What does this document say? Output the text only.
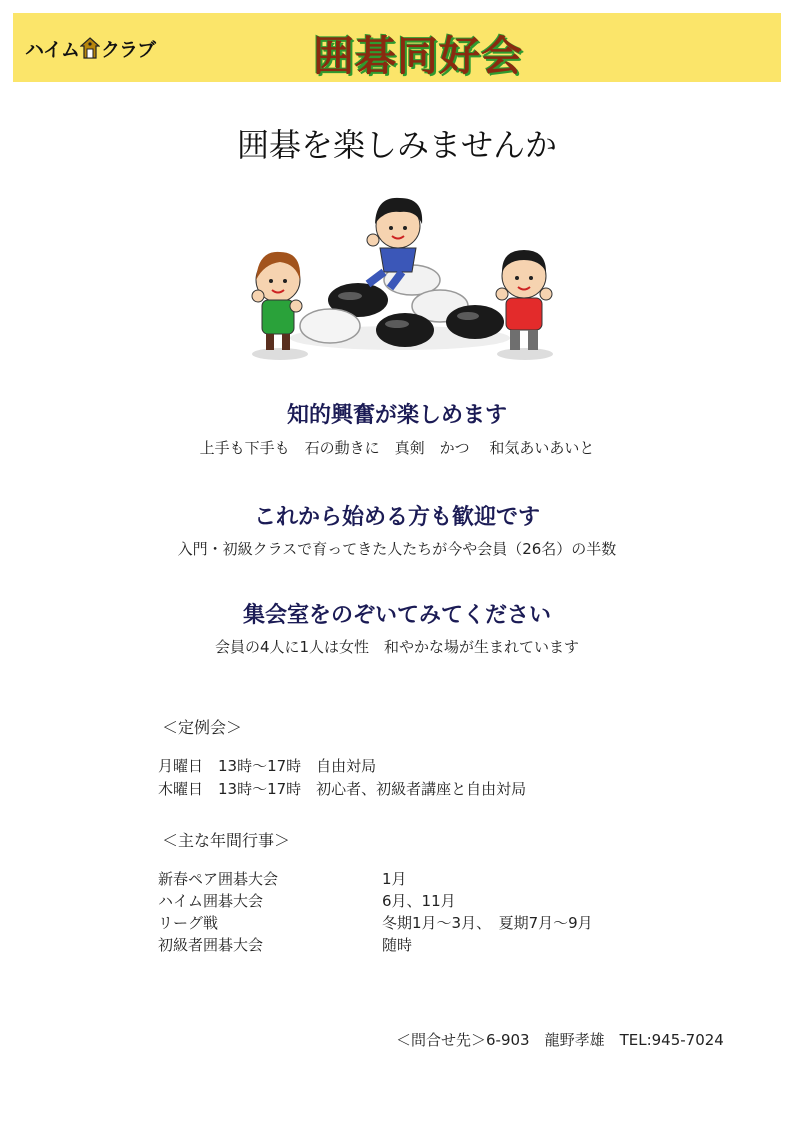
ハイム クラブ	囲碁同好会
囲碁を楽しみませんか
知的興奮が楽しめます
上手も下手も　石の動きに　真剣　かつ　 和気あいあいと
これから始める方も歓迎です
入門・初級クラスで育ってきた人たちが今や会員（26名）の半数
集会室をのぞいてみてください
会員の4人に1人は女性　和やかな場が生まれています
＜定例会＞
月曜日　13時～17時　自由対局
木曜日　13時～17時　初心者、初級者講座と自由対局
＜主な年間行事＞
新春ペア囲碁大会	1月
ハイム囲碁大会	6月、11月
リーグ戦	冬期1月～3月、　夏期7月～9月
初級者囲碁大会	随時
＜問合せ先＞6-903　龍野孝雄　TEL:945-7024
